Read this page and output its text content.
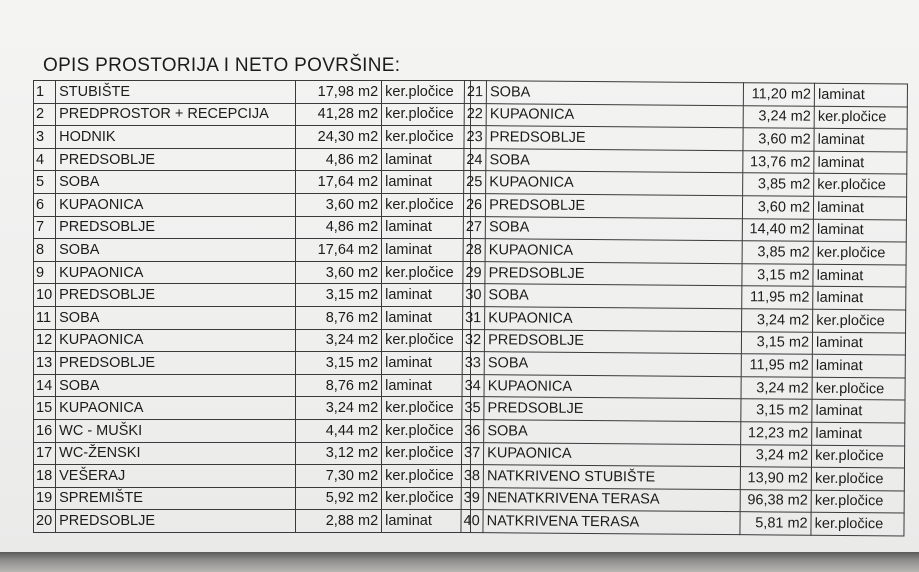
OPIS PROSTORIJA I NETO POVRŠINE:
1	STUBIŠTE	17,98 m2	ker.pločice
2	PREDPROSTOR + RECEPCIJA	41,28 m2	ker.pločice
3	HODNIK	24,30 m2	ker.pločice
4	PREDSOBLJE	4,86 m2	laminat
5	SOBA	17,64 m2	laminat
6	KUPAONICA	3,60 m2	ker.pločice
7	PREDSOBLJE	4,86 m2	laminat
8	SOBA	17,64 m2	laminat
9	KUPAONICA	3,60 m2	ker.pločice
10	PREDSOBLJE	3,15 m2	laminat
11	SOBA	8,76 m2	laminat
12	KUPAONICA	3,24 m2	ker.pločice
13	PREDSOBLJE	3,15 m2	laminat
14	SOBA	8,76 m2	laminat
15	KUPAONICA	3,24 m2	ker.pločice
16	WC - MUŠKI	4,44 m2	ker.pločice
17	WC-ŽENSKI	3,12 m2	ker.pločice
18	VEŠERAJ	7,30 m2	ker.pločice
19	SPREMIŠTE	5,92 m2	ker.pločice
20	PREDSOBLJE	2,88 m2	laminat
21	SOBA	11,20 m2	laminat
22	KUPAONICA	3,24 m2	ker.pločice
23	PREDSOBLJE	3,60 m2	laminat
24	SOBA	13,76 m2	laminat
25	KUPAONICA	3,85 m2	ker.pločice
26	PREDSOBLJE	3,60 m2	laminat
27	SOBA	14,40 m2	laminat
28	KUPAONICA	3,85 m2	ker.pločice
29	PREDSOBLJE	3,15 m2	laminat
30	SOBA	11,95 m2	laminat
31	KUPAONICA	3,24 m2	ker.pločice
32	PREDSOBLJE	3,15 m2	laminat
33	SOBA	11,95 m2	laminat
34	KUPAONICA	3,24 m2	ker.pločice
35	PREDSOBLJE	3,15 m2	laminat
36	SOBA	12,23 m2	laminat
37	KUPAONICA	3,24 m2	ker.pločice
38	NATKRIVENO STUBIŠTE	13,90 m2	ker.pločice
39	NENATKRIVENA TERASA	96,38 m2	ker.pločice
40	NATKRIVENA TERASA	5,81 m2	ker.pločice
